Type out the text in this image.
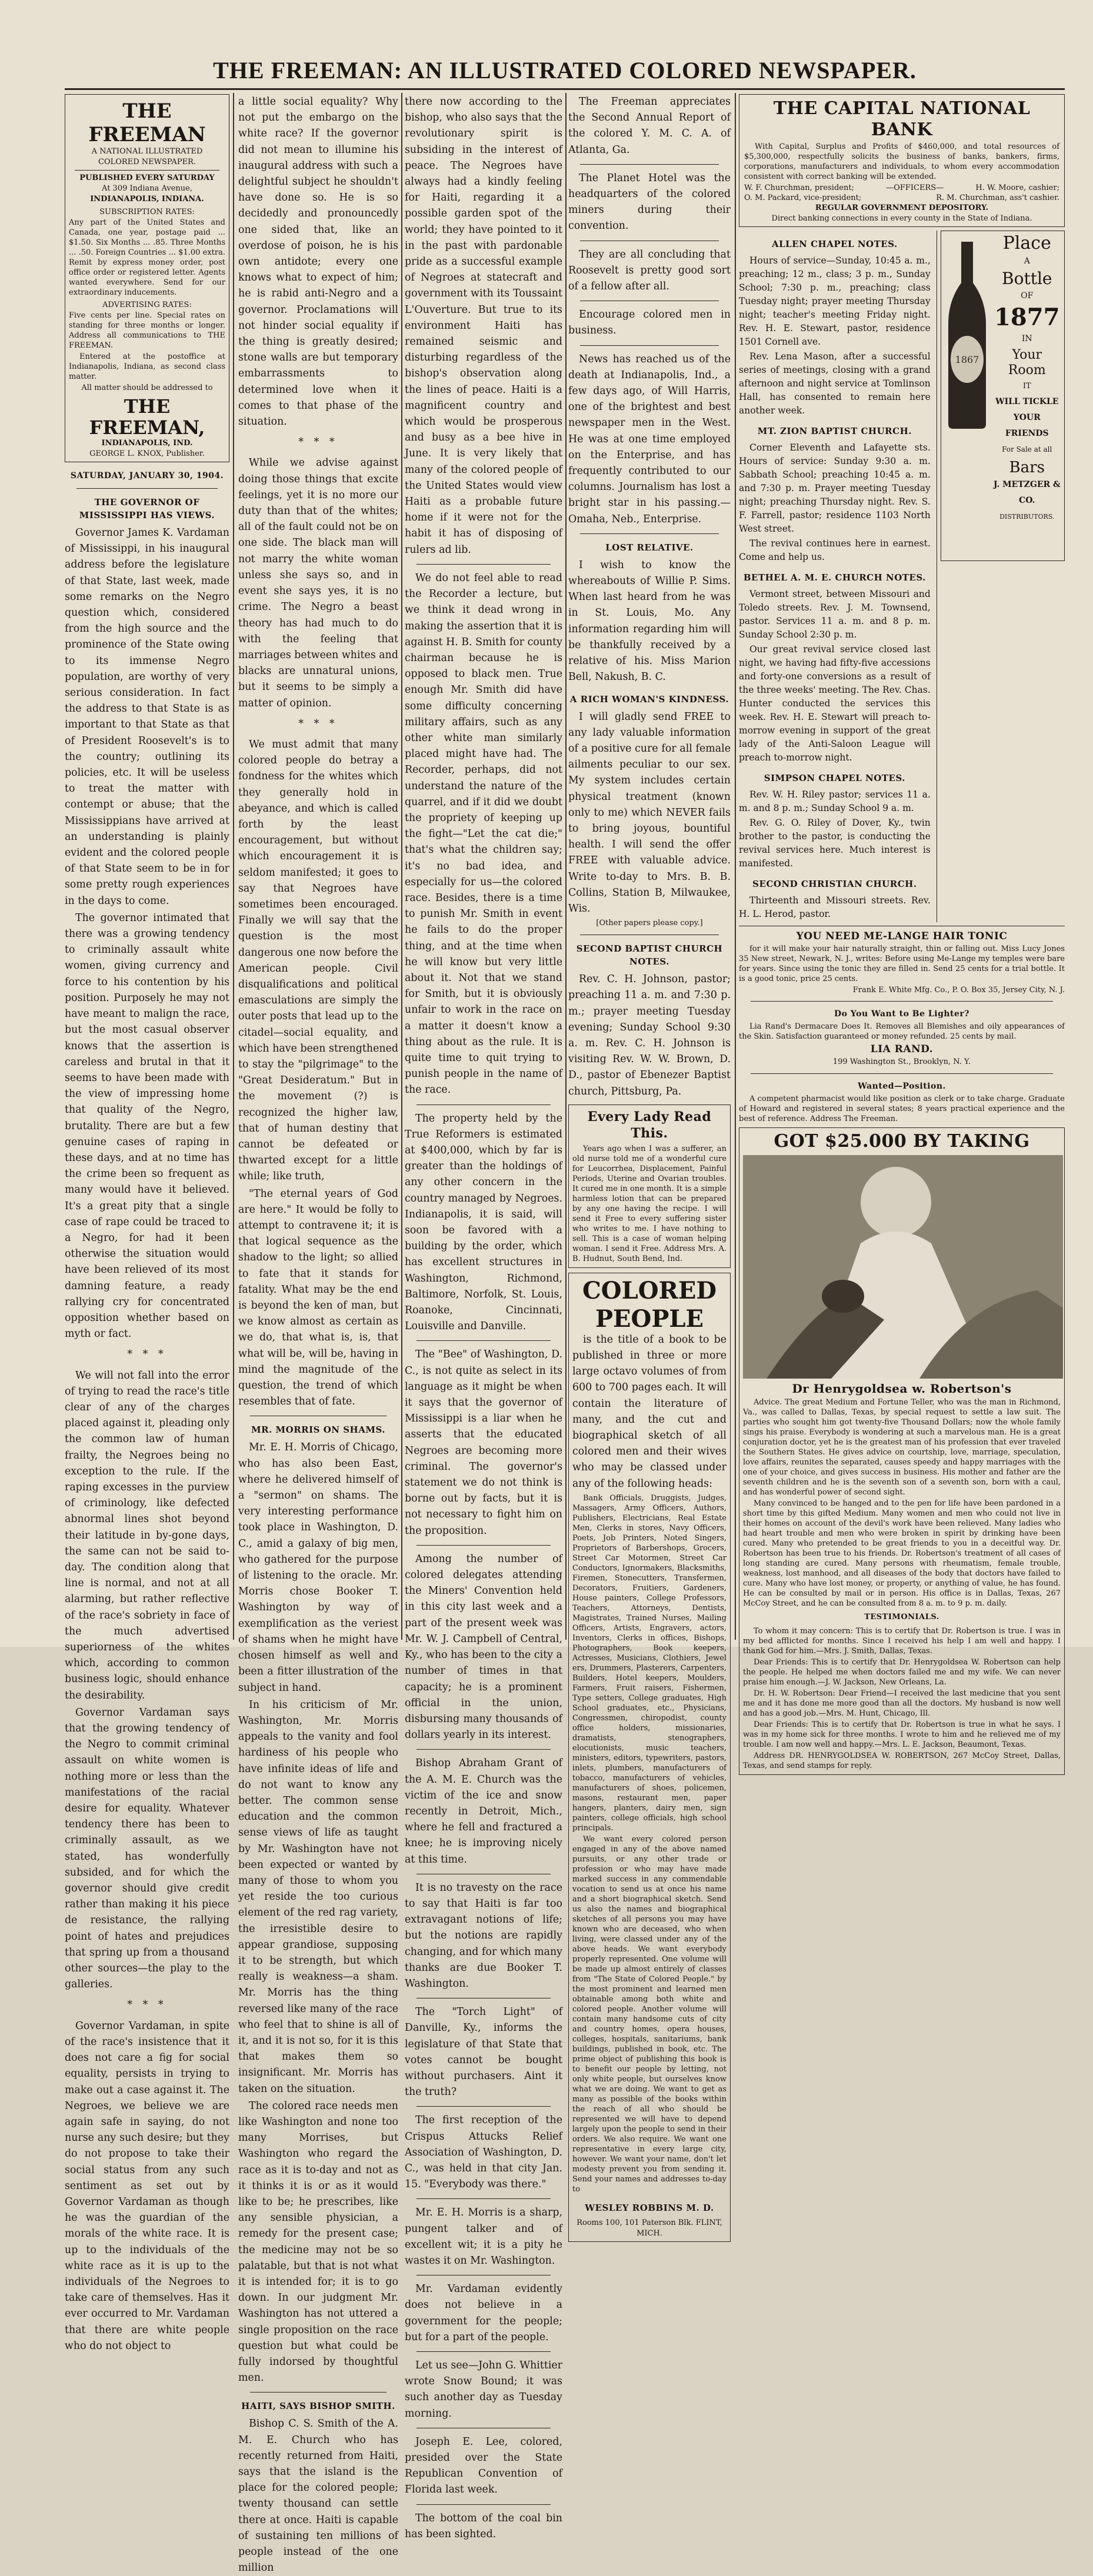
THE FREEMAN: AN ILLUSTRATED COLORED NEWSPAPER.

THE FREEMAN

A NATIONAL ILLUSTRATED

COLORED NEWSPAPER.

PUBLISHED EVERY SATURDAY

At 309 Indiana Avenue,

INDIANAPOLIS, INDIANA.

SUBSCRIPTION RATES:

Any part of the United States and Canada, one year, postage paid ... $1.50. Six Months ... .85. Three Months ... .50. Foreign Countries ... $1.00 extra. Remit by express money order, post office order or registered letter. Agents wanted everywhere. Send for our extraordinary inducements.

ADVERTISING RATES:

Five cents per line. Special rates on standing for three months or longer. Address all communications to THE FREEMAN.

Entered at the postoffice at Indianapolis, Indiana, as second class matter.

All matter should be addressed to

THE FREEMAN,

INDIANAPOLIS, IND.

GEORGE L. KNOX, Publisher.

SATURDAY, JANUARY 30, 1904.

THE GOVERNOR OF MISSISSIPPI HAS VIEWS.

Governor James K. Vardaman of Mississippi, in his inaugural address before the legislature of that State, last week, made some remarks on the Negro question which, considered from the high source and the prominence of the State owing to its immense Negro population, are worthy of very serious consideration. In fact the address to that State is as important to that State as that of President Roosevelt's is to the country; outlining its policies, etc. It will be useless to treat the matter with contempt or abuse; that the Mississippians have arrived at an understanding is plainly evident and the colored people of that State seem to be in for some pretty rough experiences in the days to come.

The governor intimated that there was a growing tendency to criminally assault white women, giving currency and force to his contention by his position. Purposely he may not have meant to malign the race, but the most casual observer knows that the assertion is careless and brutal in that it seems to have been made with the view of impressing home that quality of the Negro, brutality. There are but a few genuine cases of raping in these days, and at no time has the crime been so frequent as many would have it believed. It's a great pity that a single case of rape could be traced to a Negro, for had it been otherwise the situation would have been relieved of its most damning feature, a ready rallying cry for concentrated opposition whether based on myth or fact.

* * *

We will not fall into the error of trying to read the race's title clear of any of the charges placed against it, pleading only the common law of human frailty, the Negroes being no exception to the rule. If the raping excesses in the purview of criminology, like defected abnormal lines shot beyond their latitude in by-gone days, the same can not be said to-day. The condition along that line is normal, and not at all alarming, but rather reflective of the race's sobriety in face of the much advertised superiorness of the whites which, according to common business logic, should enhance the desirability.

Governor Vardaman says that the growing tendency of the Negro to commit criminal assault on white women is nothing more or less than the manifestations of the racial desire for equality. Whatever tendency there has been to criminally assault, as we stated, has wonderfully subsided, and for which the governor should give credit rather than making it his piece de resistance, the rallying point of hates and prejudices that spring up from a thousand other sources—the play to the galleries.

* * *

Governor Vardaman, in spite of the race's insistence that it does not care a fig for social equality, persists in trying to make out a case against it. The Negroes, we believe we are again safe in saying, do not nurse any such desire; but they do not propose to take their social status from any such sentiment as set out by Governor Vardaman as though he was the guardian of the morals of the white race. It is up to the individuals of the white race as it is up to the individuals of the Negroes to take care of themselves. Has it ever occurred to Mr. Vardaman that there are white people who do not object to

a little social equality? Why not put the embargo on the white race? If the governor did not mean to illumine his inaugural address with such a delightful subject he shouldn't have done so. He is so decidedly and pronouncedly one sided that, like an overdose of poison, he is his own antidote; every one knows what to expect of him; he is rabid anti-Negro and a governor. Proclamations will not hinder social equality if the thing is greatly desired; stone walls are but temporary embarrassments to determined love when it comes to that phase of the situation.

* * *

While we advise against doing those things that excite feelings, yet it is no more our duty than that of the whites; all of the fault could not be on one side. The black man will not marry the white woman unless she says so, and in event she says yes, it is no crime. The Negro a beast theory has had much to do with the feeling that marriages between whites and blacks are unnatural unions, but it seems to be simply a matter of opinion.

* * *

We must admit that many colored people do betray a fondness for the whites which they generally hold in abeyance, and which is called forth by the least encouragement, but without which encouragement it is seldom manifested; it goes to say that Negroes have sometimes been encouraged. Finally we will say that the question is the most dangerous one now before the American people. Civil disqualifications and political emasculations are simply the outer posts that lead up to the citadel—social equality, and which have been strengthened to stay the "pilgrimage" to the "Great Desideratum." But in the movement (?) is recognized the higher law, that of human destiny that cannot be defeated or thwarted except for a little while; like truth,

"The eternal years of God are here." It would be folly to attempt to contravene it; it is that logical sequence as the shadow to the light; so allied to fate that it stands for fatality. What may be the end is beyond the ken of man, but we know almost as certain as we do, that what is, is, that what will be, will be, having in mind the magnitude of the question, the trend of which resembles that of fate.

MR. MORRIS ON SHAMS.

Mr. E. H. Morris of Chicago, who has also been East, where he delivered himself of a "sermon" on shams. The very interesting performance took place in Washington, D. C., amid a galaxy of big men, who gathered for the purpose of listening to the oracle. Mr. Morris chose Booker T. Washington by way of exemplification as the veriest of shams when he might have chosen himself as well and been a fitter illustration of the subject in hand.

In his criticism of Mr. Washington, Mr. Morris appeals to the vanity and fool hardiness of his people who have infinite ideas of life and do not want to know any better. The common sense education and the common sense views of life as taught by Mr. Washington have not been expected or wanted by many of those to whom you yet reside the too curious element of the red rag variety, the irresistible desire to appear grandiose, supposing it to be strength, but which really is weakness—a sham. Mr. Morris has the thing reversed like many of the race who feel that to shine is all of it, and it is not so, for it is this that makes them so insignificant. Mr. Morris has taken on the situation.

The colored race needs men like Washington and none too many Morrises, but Washington who regard the race as it is to-day and not as it thinks it is or as it would like to be; he prescribes, like any sensible physician, a remedy for the present case; the medicine may not be so palatable, but that is not what it is intended for; it is to go down. In our judgment Mr. Washington has not uttered a single proposition on the race question but what could be fully indorsed by thoughtful men.

HAITI, SAYS BISHOP SMITH.

Bishop C. S. Smith of the A. M. E. Church who has recently returned from Haiti, says that the island is the place for the colored people; twenty thousand can settle there at once. Haiti is capable of sustaining ten millions of people instead of the one million

there now according to the bishop, who also says that the revolutionary spirit is subsiding in the interest of peace. The Negroes have always had a kindly feeling for Haiti, regarding it a possible garden spot of the world; they have pointed to it in the past with pardonable pride as a successful example of Negroes at statecraft and government with its Toussaint L'Ouverture. But true to its environment Haiti has remained seismic and disturbing regardless of the bishop's observation along the lines of peace. Haiti is a magnificent country and which would be prosperous and busy as a bee hive in June. It is very likely that many of the colored people of the United States would view Haiti as a probable future home if it were not for the habit it has of disposing of rulers ad lib.

We do not feel able to read the Recorder a lecture, but we think it dead wrong in making the assertion that it is against H. B. Smith for county chairman because he is opposed to black men. True enough Mr. Smith did have some difficulty concerning military affairs, such as any other white man similarly placed might have had. The Recorder, perhaps, did not understand the nature of the quarrel, and if it did we doubt the propriety of keeping up the fight—"Let the cat die;" that's what the children say; it's no bad idea, and especially for us—the colored race. Besides, there is a time to punish Mr. Smith in event he fails to do the proper thing, and at the time when he will know but very little about it. Not that we stand for Smith, but it is obviously unfair to work in the race on a matter it doesn't know a thing about as the rule. It is quite time to quit trying to punish people in the name of the race.

The property held by the True Reformers is estimated at $400,000, which by far is greater than the holdings of any other concern in the country managed by Negroes. Indianapolis, it is said, will soon be favored with a building by the order, which has excellent structures in Washington, Richmond, Baltimore, Norfolk, St. Louis, Roanoke, Cincinnati, Louisville and Danville.

The "Bee" of Washington, D. C., is not quite as select in its language as it might be when it says that the governor of Mississippi is a liar when he asserts that the educated Negroes are becoming more criminal. The governor's statement we do not think is borne out by facts, but it is not necessary to fight him on the proposition.

Among the number of colored delegates attending the Miners' Convention held in this city last week and a part of the present week was Mr. W. J. Campbell of Central, Ky., who has been to the city a number of times in that capacity; he is a prominent official in the union, disbursing many thousands of dollars yearly in its interest.

Bishop Abraham Grant of the A. M. E. Church was the victim of the ice and snow recently in Detroit, Mich., where he fell and fractured a knee; he is improving nicely at this time.

It is no travesty on the race to say that Haiti is far too extravagant notions of life; but the notions are rapidly changing, and for which many thanks are due Booker T. Washington.

The "Torch Light" of Danville, Ky., informs the legislature of that State that votes cannot be bought without purchasers. Aint it the truth?

The first reception of the Crispus Attucks Relief Association of Washington, D. C., was held in that city Jan. 15. "Everybody was there."

Mr. E. H. Morris is a sharp, pungent talker and of excellent wit; it is a pity he wastes it on Mr. Washington.

Mr. Vardaman evidently does not believe in a government for the people; but for a part of the people.

Let us see—John G. Whittier wrote Snow Bound; it was such another day as Tuesday morning.

Joseph E. Lee, colored, presided over the State Republican Convention of Florida last week.

The bottom of the coal bin has been sighted.

The Freeman appreciates the Second Annual Report of the colored Y. M. C. A. of Atlanta, Ga.

The Planet Hotel was the headquarters of the colored miners during their convention.

They are all concluding that Roosevelt is pretty good sort of a fellow after all.

Encourage colored men in business.

News has reached us of the death at Indianapolis, Ind., a few days ago, of Will Harris, one of the brightest and best newspaper men in the West. He was at one time employed on the Enterprise, and has frequently contributed to our columns. Journalism has lost a bright star in his passing.—Omaha, Neb., Enterprise.

LOST RELATIVE.

I wish to know the whereabouts of Willie P. Sims. When last heard from he was in St. Louis, Mo. Any information regarding him will be thankfully received by a relative of his. Miss Marion Bell, Nakush, B. C.

A RICH WOMAN'S KINDNESS.

I will gladly send FREE to any lady valuable information of a positive cure for all female ailments peculiar to our sex. My system includes certain physical treatment (known only to me) which NEVER fails to bring joyous, bountiful health. I will send the offer FREE with valuable advice. Write to-day to Mrs. B. B. Collins, Station B, Milwaukee, Wis.

[Other papers please copy.]

SECOND BAPTIST CHURCH NOTES.

Rev. C. H. Johnson, pastor; preaching 11 a. m. and 7:30 p. m.; prayer meeting Tuesday evening; Sunday School 9:30 a. m. Rev. C. H. Johnson is visiting Rev. W. W. Brown, D. D., pastor of Ebenezer Baptist church, Pittsburg, Pa.

Every Lady Read This.

Years ago when I was a sufferer, an old nurse told me of a wonderful cure for Leucorrhea, Displacement, Painful Periods, Uterine and Ovarian troubles. It cured me in one month. It is a simple harmless lotion that can be prepared by any one having the recipe. I will send it Free to every suffering sister who writes to me. I have nothing to sell. This is a case of woman helping woman. I send it Free. Address Mrs. A. B. Hudnut, South Bend, Ind.

COLORED

PEOPLE

is the title of a book to be published in three or more large octavo volumes of from 600 to 700 pages each. It will contain the literature of many, and the cut and biographical sketch of all colored men and their wives who may be classed under any of the following heads:

Bank Officials, Druggists, Judges, Massagers, Army Officers, Authors, Publishers, Electricians, Real Estate Men, Clerks in stores, Navy Officers, Poets, Job Printers, Noted Singers, Proprietors of Barbershops, Grocers, Street Car Motormen, Street Car Conductors, Ignormakers, Blacksmiths, Firemen, Stonecutters, Transfermen, Decorators, Fruitiers, Gardeners, House painters, College Professors, Teachers, Attorneys, Dentists, Magistrates, Trained Nurses, Mailing Officers, Artists, Engravers, actors, Inventors, Clerks in offices, Bishops, Photographers, Book keepers, Actresses, Musicians, Clothiers, Jewel ers, Drummers, Plasterers, Carpenters, Builders, Hotel keepers, Moulders, Farmers, Fruit raisers, Fishermen, Type setters, College graduates, High School graduates, etc., Physicians, Congressmen, chiropodist, county office holders, missionaries, dramatists, stenographers, elocutionists, music teachers, ministers, editors, typewriters, pastors, inlets, plumbers, manufacturers of tobacco, manufacturers of vehicles, manufacturers of shoes, policemen, masons, restaurant men, paper hangers, planters, dairy men, sign painters, college officials, high school principals.

We want every colored person engaged in any of the above named pursuits, or any other trade or profession or who may have made marked success in any commendable vocation to send us at once his name and a short biographical sketch. Send us also the names and biographical sketches of all persons you may have known who are deceased, who when living, were classed under any of the above heads. We want everybody properly represented. One volume will be made up almost entirely of classes from "The State of Colored People." by the most prominent and learned men obtainable among both white and colored people. Another volume will contain many handsome cuts of city and country homes, opera houses, colleges, hospitals, sanitariums, bank buildings, published in book, etc. The prime object of publishing this book is to benefit our people by letting, not only white people, but ourselves know what we are doing. We want to get as many as possible of the books within the reach of all who should be represented we will have to depend largely upon the people to send in their orders. We also require. We want one representative in every large city, however. We want your name, don't let modesty prevent you from sending it. Send your names and addresses to-day to

WESLEY ROBBINS M. D.

Rooms 100, 101 Paterson Blk. FLINT, MICH.

THE CAPITAL NATIONAL BANK

With Capital, Surplus and Profits of $460,000, and total resources of $5,300,000, respectfully solicits the business of banks, bankers, firms, corporations, manufacturers and individuals, to whom every accommodation consistent with correct banking will be extended.

W. F. Churchman, president;	—OFFICERS—	H. W. Moore, cashier;
O. M. Packard, vice-president;	R. M. Churchman, ass't cashier.

REGULAR GOVERNMENT DEPOSITORY.

Direct banking connections in every county in the State of Indiana.

ALLEN CHAPEL NOTES.

Hours of service—Sunday, 10:45 a. m., preaching; 12 m., class; 3 p. m., Sunday School; 7:30 p. m., preaching; class Tuesday night; prayer meeting Thursday night; teacher's meeting Friday night. Rev. H. E. Stewart, pastor, residence 1501 Cornell ave.

Rev. Lena Mason, after a successful series of meetings, closing with a grand afternoon and night service at Tomlinson Hall, has consented to remain here another week.

MT. ZION BAPTIST CHURCH.

Corner Eleventh and Lafayette sts. Hours of service: Sunday 9:30 a. m. Sabbath School; preaching 10:45 a. m. and 7:30 p. m. Prayer meeting Tuesday night; preaching Thursday night. Rev. S. F. Farrell, pastor; residence 1103 North West street.

The revival continues here in earnest. Come and help us.

BETHEL A. M. E. CHURCH NOTES.

Vermont street, between Missouri and Toledo streets. Rev. J. M. Townsend, pastor. Services 11 a. m. and 8 p. m. Sunday School 2:30 p. m.

Our great revival service closed last night, we having had fifty-five accessions and forty-one conversions as a result of the three weeks' meeting. The Rev. Chas. Hunter conducted the services this week. Rev. H. E. Stewart will preach to-morrow evening in support of the great lady of the Anti-Saloon League will preach to-morrow night.

SIMPSON CHAPEL NOTES.

Rev. W. H. Riley pastor; services 11 a. m. and 8 p. m.; Sunday School 9 a. m.

Rev. G. O. Riley of Dover, Ky., twin brother to the pastor, is conducting the revival services here. Much interest is manifested.

SECOND CHRISTIAN CHURCH.

Thirteenth and Missouri streets. Rev. H. L. Herod, pastor.

1867
Place
A
Bottle
OF
1877
IN
Your Room
IT
WILL TICKLE
YOUR FRIENDS
For Sale at all
Bars
J. METZGER & CO.
DISTRIBUTORS.

YOU NEED ME-LANGE HAIR TONIC

for it will make your hair naturally straight, thin or falling out. Miss Lucy Jones 35 New street, Newark, N. J., writes: Before using Me-Lange my temples were bare for years. Since using the tonic they are filled in. Send 25 cents for a trial bottle. It is a good tonic, price 25 cents.

Frank E. White Mfg. Co., P. O. Box 35, Jersey City, N. J.

Do You Want to Be Lighter?

Lia Rand's Dermacare Does It. Removes all Blemishes and oily appearances of the Skin. Satisfaction guaranteed or money refunded. 25 cents by mail.

LIA RAND.

199 Washington St., Brooklyn, N. Y.

Wanted—Position.

A competent pharmacist would like position as clerk or to take charge. Graduate of Howard and registered in several states; 8 years practical experience and the best of reference. Address The Freeman.

GOT $25.000 BY TAKING

Dr Henrygoldsea w. Robertson's

Advice. The great Medium and Fortune Teller, who was the man in Richmond, Va., was called to Dallas, Texas, by special request to settle a law suit. The parties who sought him got twenty-five Thousand Dollars; now the whole family sings his praise. Everybody is wondering at such a marvelous man. He is a great conjuration doctor, yet he is the greatest man of his profession that ever traveled the Southern States. He gives advice on courtship, love, marriage, speculation, love affairs, reunites the separated, causes speedy and happy marriages with the one of your choice, and gives success in business. His mother and father are the seventh children and he is the seventh son of a seventh son, born with a caul, and has wonderful power of second sight.

Many convinced to be hanged and to the pen for life have been pardoned in a short time by this gifted Medium. Many women and men who could not live in their homes on account of the devil's work have been relieved. Many ladies who had heart trouble and men who were broken in spirit by drinking have been cured. Many who pretended to be great friends to you in a deceitful way. Dr. Robertson has been true to his friends. Dr. Robertson's treatment of all cases of long standing are cured. Many persons with rheumatism, female trouble, weakness, lost manhood, and all diseases of the body that doctors have failed to cure. Many who have lost money, or property, or anything of value, he has found. He can be consulted by mail or in person. His office is in Dallas, Texas, 267 McCoy Street, and he can be consulted from 8 a. m. to 9 p. m. daily.

TESTIMONIALS.

To whom it may concern: This is to certify that Dr. Robertson is true. I was in my bed afflicted for months. Since I received his help I am well and happy. I thank God for him.—Mrs. J. Smith, Dallas, Texas.

Dear Friends: This is to certify that Dr. Henrygoldsea W. Robertson can help the people. He helped me when doctors failed me and my wife. We can never praise him enough.—J. W. Jackson, New Orleans, La.

Dr. H. W. Robertson: Dear Friend—I received the last medicine that you sent me and it has done me more good than all the doctors. My husband is now well and has a good job.—Mrs. M. Hunt, Chicago, Ill.

Dear Friends: This is to certify that Dr. Robertson is true in what he says. I was in my home sick for three months. I wrote to him and he relieved me of my trouble. I am now well and happy.—Mrs. L. E. Jackson, Beaumont, Texas.

Address DR. HENRYGOLDSEA W. ROBERTSON, 267 McCoy Street, Dallas, Texas, and send stamps for reply.
